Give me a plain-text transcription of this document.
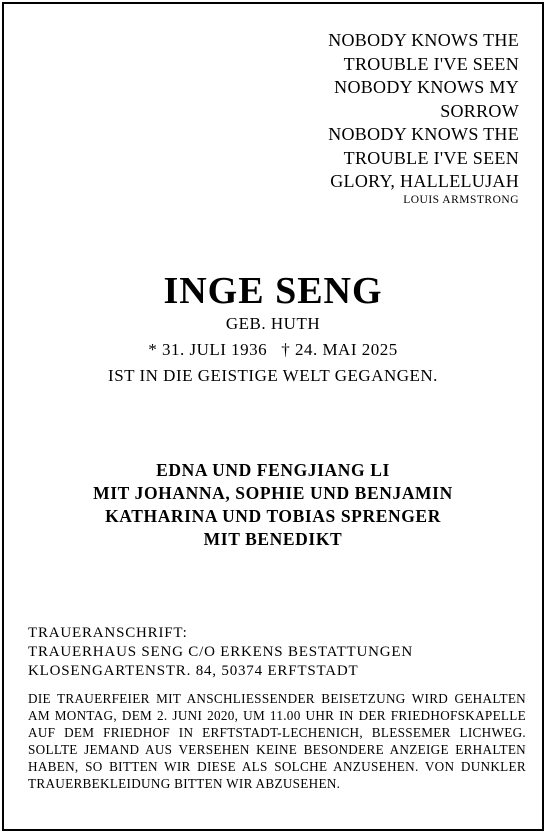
NOBODY KNOWS THE
TROUBLE I'VE SEEN
NOBODY KNOWS MY
SORROW
NOBODY KNOWS THE
TROUBLE I'VE SEEN
GLORY, HALLELUJAH
LOUIS ARMSTRONG
INGE SENG
GEB. HUTH
* 31. JULI 1936 † 24. MAI 2025
IST IN DIE GEISTIGE WELT GEGANGEN.
EDNA UND FENGJIANG LI
MIT JOHANNA, SOPHIE UND BENJAMIN
KATHARINA UND TOBIAS SPRENGER
MIT BENEDIKT
TRAUERANSCHRIFT:
TRAUERHAUS SENG C/O ERKENS BESTATTUNGEN
KLOSENGARTENSTR. 84, 50374 ERFTSTADT
DIE TRAUERFEIER MIT ANSCHLIESSENDER BEISETZUNG WIRD GEHALTEN AM MONTAG, DEM 2. JUNI 2020, UM 11.00 UHR IN DER FRIEDHOFSKAPELLE AUF DEM FRIEDHOF IN ERFTSTADT-LECHENICH, BLESSEMER LICHWEG. SOLLTE JEMAND AUS VERSEHEN KEINE BESONDERE ANZEIGE ERHALTEN HABEN, SO BITTEN WIR DIESE ALS SOLCHE ANZUSEHEN. VON DUNKLER TRAUERBEKLEIDUNG BITTEN WIR ABZUSEHEN.
